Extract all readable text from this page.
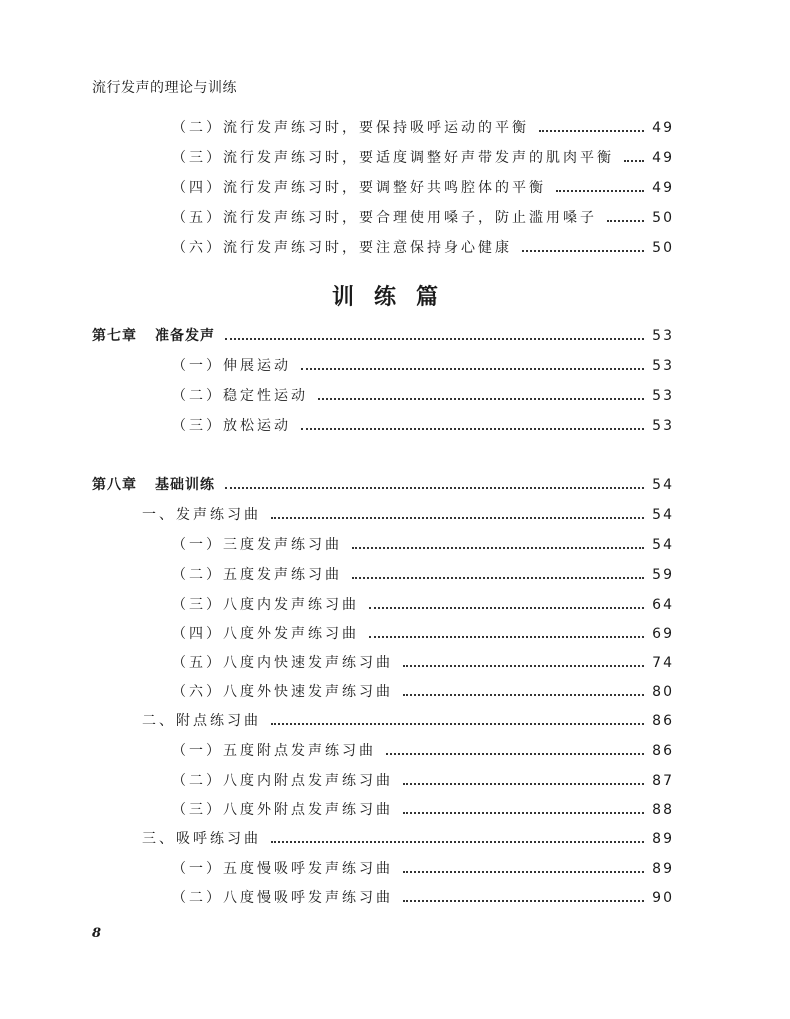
流行发声的理论与训练
（二）流行发声练习时，要保持吸呼运动的平衡	49
（三）流行发声练习时，要适度调整好声带发声的肌肉平衡	49
（四）流行发声练习时，要调整好共鸣腔体的平衡	49
（五）流行发声练习时，要合理使用嗓子，防止滥用嗓子	50
（六）流行发声练习时，要注意保持身心健康	50
训练篇
第七章 准备发声	53
（一）伸展运动	53
（二）稳定性运动	53
（三）放松运动	53
第八章 基础训练	54
一、发声练习曲	54
（一）三度发声练习曲	54
（二）五度发声练习曲	59
（三）八度内发声练习曲	64
（四）八度外发声练习曲	69
（五）八度内快速发声练习曲	74
（六）八度外快速发声练习曲	80
二、附点练习曲	86
（一）五度附点发声练习曲	86
（二）八度内附点发声练习曲	87
（三）八度外附点发声练习曲	88
三、吸呼练习曲	89
（一）五度慢吸呼发声练习曲	89
（二）八度慢吸呼发声练习曲	90
8
